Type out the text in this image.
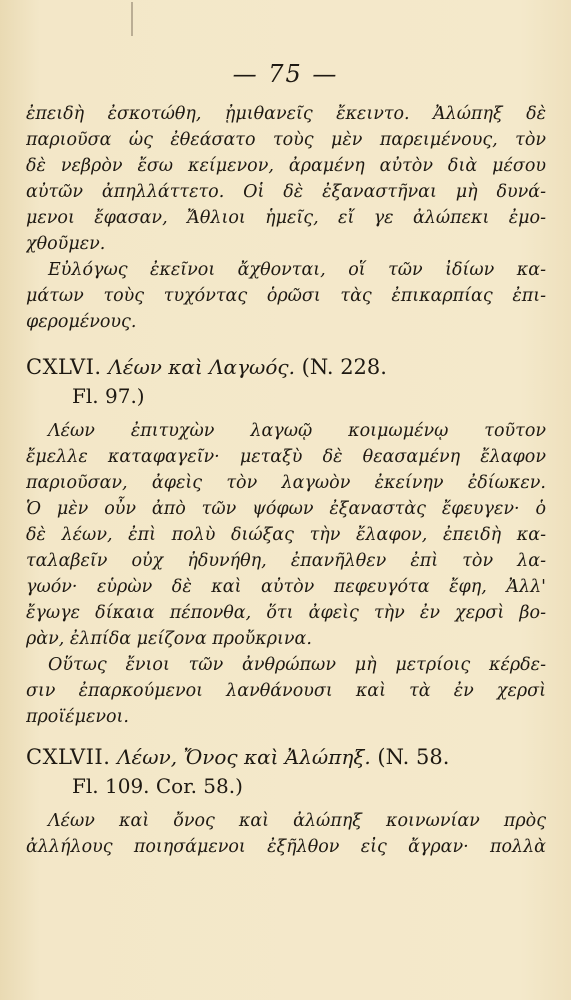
— 75 —
ἐπειδὴ ἐσκοτώθη, ᾐμιθανεῖς ἔκειντο. Ἀλώπηξ δὲ
παριοῦσα ὡς ἐθεάσατο τοὺς μὲν παρειμένους, τὸν
δὲ νεβρὸν ἔσω κείμενον, ἀραμένη αὐτὸν διὰ μέσου
αὐτῶν ἀπηλλάττετο. Οἱ δὲ ἐξαναστῆναι μὴ δυνά-
μενοι ἔφασαν, Ἄθλιοι ἡμεῖς, εἴ γε ἀλώπεκι ἐμο-
χθοῦμεν.
Εὐλόγως ἐκεῖνοι ἄχθονται, οἵ τῶν ἰδίων κα-
μάτων τοὺς τυχόντας ὁρῶσι τὰς ἐπικαρπίας ἐπι-
φερομένους.
CXLVI. Λέων καὶ Λαγωός. (N. 228.
Fl. 97.)
Λέων ἐπιτυχὼν λαγωῷ κοιμωμένῳ τοῦτον
ἔμελλε καταφαγεῖν· μεταξὺ δὲ θεασαμένη ἔλαφον
παριοῦσαν, ἀφεὶς τὸν λαγωὸν ἐκείνην ἐδίωκεν.
Ὁ μὲν οὖν ἀπὸ τῶν ψόφων ἐξαναστὰς ἔφευγεν· ὁ
δὲ λέων, ἐπὶ πολὺ διώξας τὴν ἔλαφον, ἐπειδὴ κα-
ταλαβεῖν οὐχ ἠδυνήθη, ἐπανῆλθεν ἐπὶ τὸν λα-
γωόν· εὑρὼν δὲ καὶ αὐτὸν πεφευγότα ἔφη, Ἀλλ'
ἔγωγε δίκαια πέπονθα, ὅτι ἀφεὶς τὴν ἐν χερσὶ βο-
ρὰν, ἐλπίδα μείζονα προὔκρινα.
Οὕτως ἔνιοι τῶν ἀνθρώπων μὴ μετρίοις κέρδε-
σιν ἐπαρκούμενοι λανθάνουσι καὶ τὰ ἐν χερσὶ
προϊέμενοι.
CXLVII. Λέων, Ὄνος καὶ Ἀλώπηξ. (N. 58.
Fl. 109. Cor. 58.)
Λέων καὶ ὄνος καὶ ἀλώπηξ κοινωνίαν πρὸς
ἀλλήλους ποιησάμενοι ἐξῆλθον εἰς ἄγραν· πολλὰ
